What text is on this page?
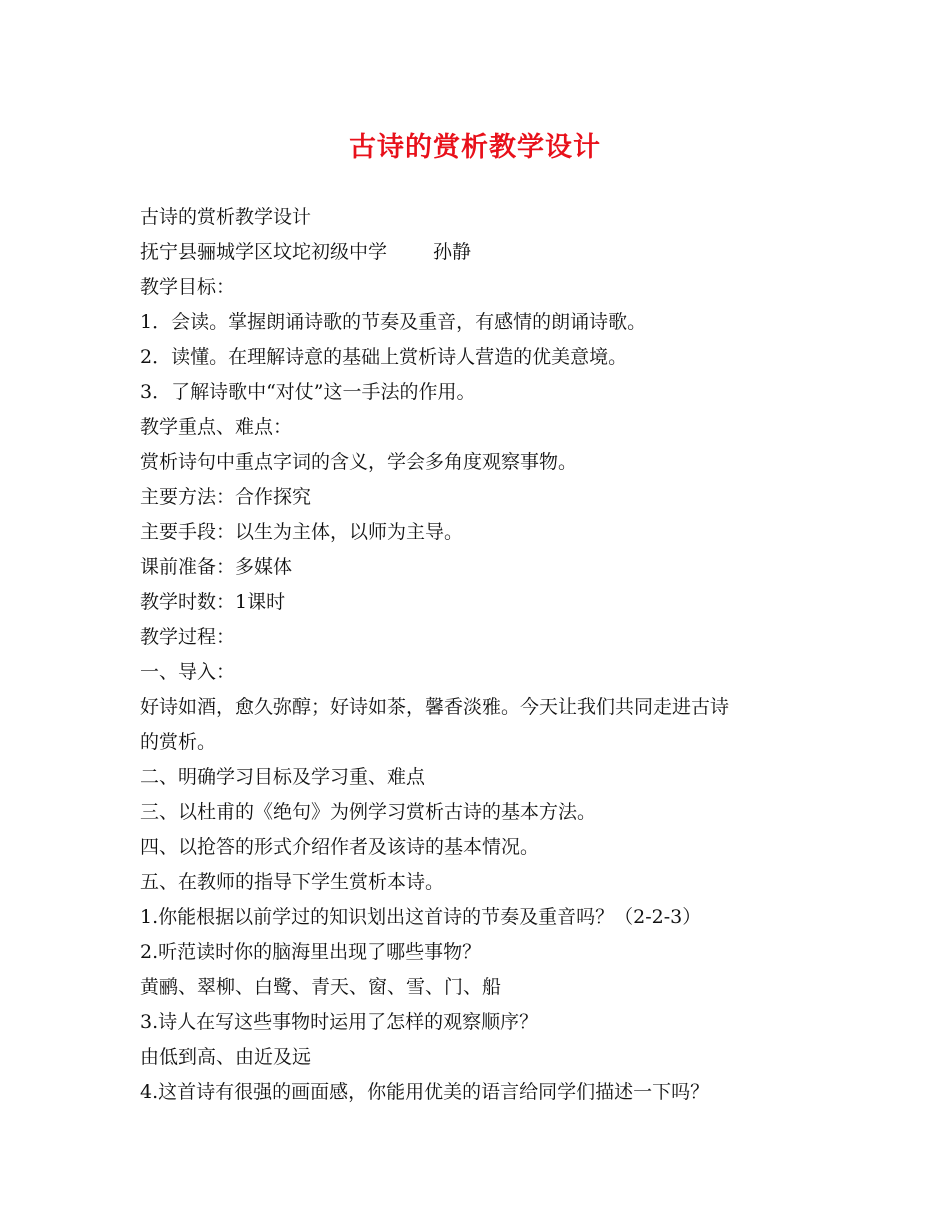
古诗的赏析教学设计

古诗的赏析教学设计

抚宁县骊城学区坟坨初级中学 孙静

教学目标：

1．会读。掌握朗诵诗歌的节奏及重音，有感情的朗诵诗歌。

2．读懂。在理解诗意的基础上赏析诗人营造的优美意境。

3．了解诗歌中“对仗”这一手法的作用。

教学重点、难点：

赏析诗句中重点字词的含义，学会多角度观察事物。

主要方法：合作探究

主要手段：以生为主体，以师为主导。

课前准备：多媒体

教学时数：1课时

教学过程：

一、导入：

好诗如酒，愈久弥醇；好诗如茶，馨香淡雅。今天让我们共同走进古诗

的赏析。

二、明确学习目标及学习重、难点

三、以杜甫的《绝句》为例学习赏析古诗的基本方法。

四、以抢答的形式介绍作者及该诗的基本情况。

五、在教师的指导下学生赏析本诗。

1.你能根据以前学过的知识划出这首诗的节奏及重音吗？（2-2-3）

2.听范读时你的脑海里出现了哪些事物？

黄鹂、翠柳、白鹭、青天、窗、雪、门、船

3.诗人在写这些事物时运用了怎样的观察顺序？

由低到高、由近及远

4.这首诗有很强的画面感，你能用优美的语言给同学们描述一下吗？
